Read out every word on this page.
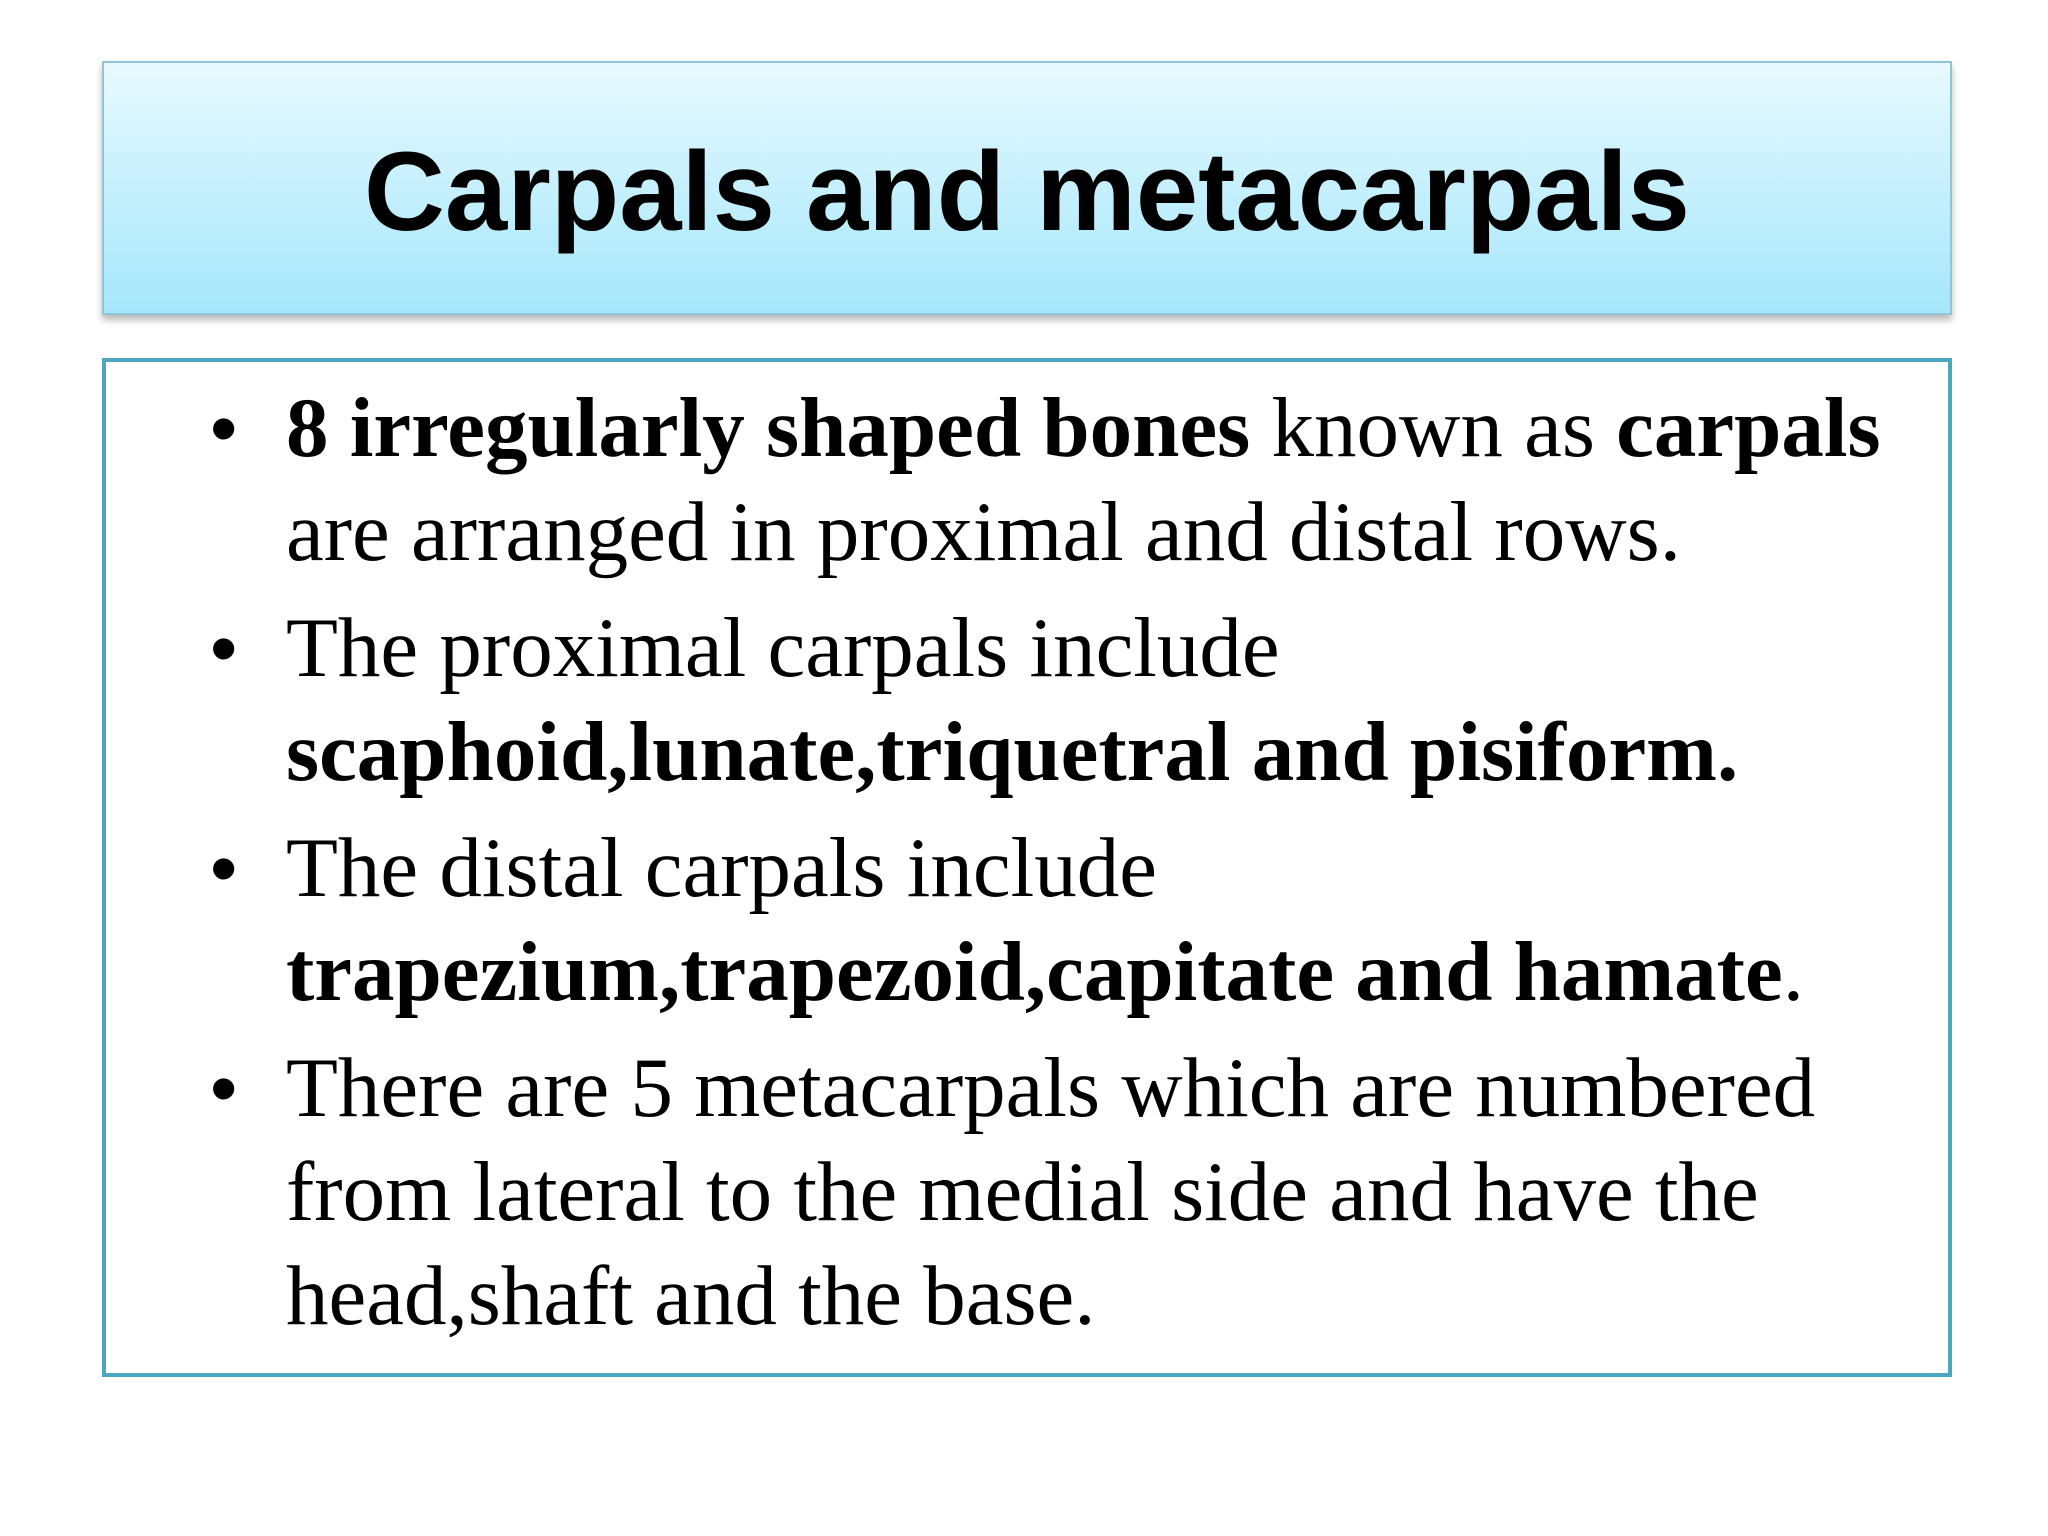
Carpals and metacarpals
• 8 irregularly shaped bones known as carpals are arranged in proximal and distal rows.
• The proximal carpals include
scaphoid,lunate,triquetral and pisiform.
• The distal carpals include
trapezium,trapezoid,capitate and hamate.
• There are 5 metacarpals which are numbered from lateral to the medial side and have the head,shaft and the base.
